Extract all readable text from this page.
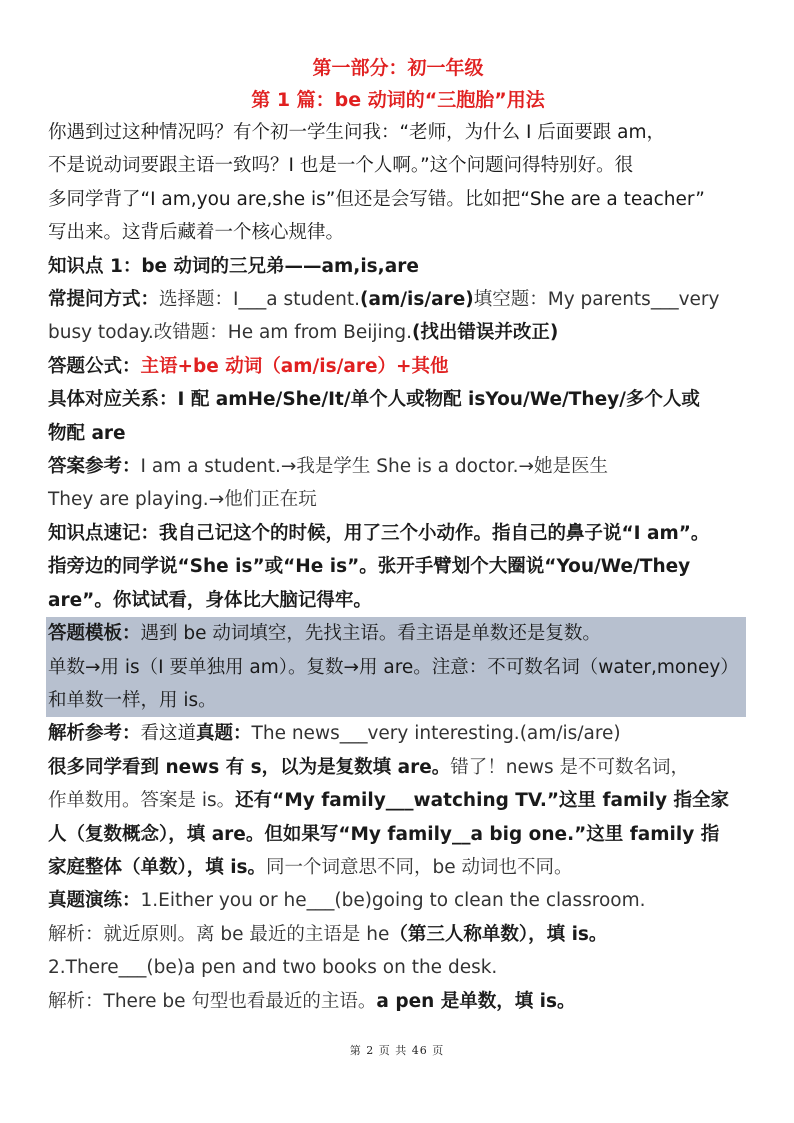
第一部分：初一年级
第 1 篇：be 动词的“三胞胎”用法
你遇到过这种情况吗？有个初一学生问我：“老师，为什么 I 后面要跟 am，
不是说动词要跟主语一致吗？I 也是一个人啊。”这个问题问得特别好。很
多同学背了“I am,you are,she is”但还是会写错。比如把“She are a teacher”
写出来。这背后藏着一个核心规律。
知识点 1：be 动词的三兄弟——am,is,are
常提问方式：选择题：I___a student.(am/is/are)填空题：My parents___very
busy today.改错题：He am from Beijing.(找出错误并改正)
答题公式：主语+be 动词（am/is/are）+其他
具体对应关系：I 配 amHe/She/It/单个人或物配 isYou/We/They/多个人或
物配 are
答案参考：I am a student.→我是学生 She is a doctor.→她是医生
They are playing.→他们正在玩
知识点速记：我自己记这个的时候，用了三个小动作。指自己的鼻子说“I am”。
指旁边的同学说“She is”或“He is”。张开手臂划个大圈说“You/We/They
are”。你试试看，身体比大脑记得牢。
答题模板：遇到 be 动词填空，先找主语。看主语是单数还是复数。
单数→用 is（I 要单独用 am）。复数→用 are。注意：不可数名词（water,money）
和单数一样，用 is。
解析参考：看这道真题：The news___very interesting.(am/is/are)
很多同学看到 news 有 s，以为是复数填 are。错了！news 是不可数名词，
作单数用。答案是 is。还有“My family___watching TV.”这里 family 指全家
人（复数概念），填 are。但如果写“My family__a big one.”这里 family 指
家庭整体（单数），填 is。同一个词意思不同，be 动词也不同。
真题演练：1.Either you or he___(be)going to clean the classroom.
解析：就近原则。离 be 最近的主语是 he（第三人称单数），填 is。
2.There___(be)a pen and two books on the desk.
解析：There be 句型也看最近的主语。a pen 是单数，填 is。
第 2 页 共 46 页
